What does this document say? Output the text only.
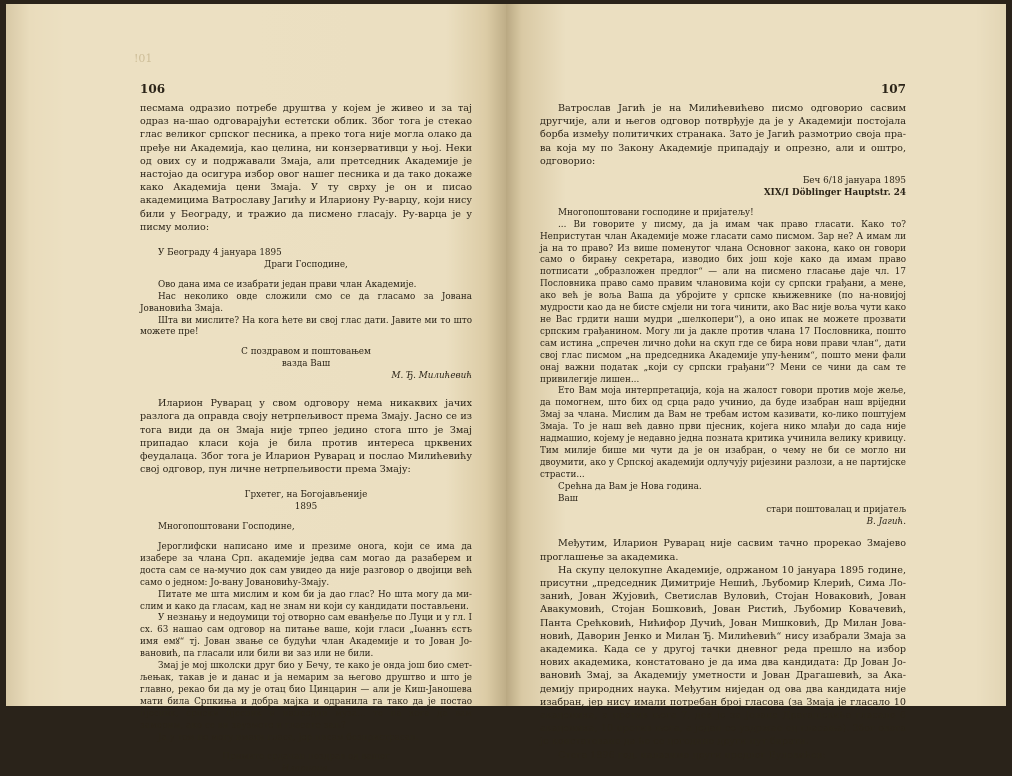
!01
106

песмама одразио потребе друштва у којем је живео и за тај одраз на-шао одговарајући естетски облик. Због тога је стекао глас великог српског песника, а преко тога није могла олако да пређе ни Академија, као целина, ни конзервативци у њој. Неки од ових су и подржавали Змаја, али претседник Академије је настојао да осигура избор овог нашег песника и да тако докаже како Академија цени Змаја. У ту сврху је он и писао академицима Ватрославу Јагићу и Илариону Ру-варцу, који нису били у Београду, и тражио да писмено гласају. Ру-варца је у писму молио:

У Београду 4 јануара 1895

Драги Господине,

Ово дана има се изабрати један прави члан Академије.

Нас неколико овде сложили смо се да гласамо за Јована Јовановића Змаја.

Шта ви мислите? На кога ћете ви свој глас дати. Јавите ми то што можете пре!

С поздравом и поштовањем

вазда Ваш

М. Ђ. Милићевић

Иларион Руварац у свом одговору нема никаквих јачих разлога да оправда своју нетрпељивост према Змају. Јасно се из тога види да он Змаја није трпео једино стога што је Змај припадао класи која је била против интереса црквених феудалаца. Због тога је Иларион Руварац и послао Милићевићу свој одговор, пун личне нетрпељивости према Змају:

Грхетег, на Богојављеније

1895

Многопоштовани Господине,

Јероглифски написано име и презиме онога, који се има да изабере за члана Срп. академије једва сам могао да разаберем и доста сам се на-мучио док сам увидео да није разговор о двојици већ само о једном: Јо-вану Јовановићу-Змају.

Питате ме шта мислим и ком би ја дао глас? Но шта могу да ми-слим и како да гласам, кад не знам ни који су кандидати постављени.

У незнању и недоумици тој отворно сам еванђеље по Луци и у гл. I сх. 63 нашао сам одговор на питање ваше, који гласи „Іωаннъ єстъ имя емꙋ“ тј. Јован звање се будући члан Академије и то Јован Јо-вановић, па гласали или били ви заз или не били.

Змај је мој школски друг био у Бечу, те како је онда још био смет-љењак, такав је и данас и ја немарим за његово друштво и што је главно, рекао би да му је отац био Цинцарин — али је Киш-Јаношева мати била Српкиња и добра мајка и одранила га тако да је постао пјесник, српски пјесник и напредни муза... те на кога да вам замерим, ако се ви заузмете и гласате заљ?

Ја у том не могу имати гласа, јер нисам безпристрасан.

Примите срдачан поздрав од вашег

Илариона.

107

Ватрослав Јагић је на Милићевићево писмо одговорио сасвим другчије, али и његов одговор потврђује да је у Академији постојала борба између политичких странака. Зато је Јагић размотрио своја пра-ва која му по Закону Академије припадају и опрезно, али и оштро, одговорио:

Беч 6/18 јануара 1895

XIX/I Döblinger Hauptstr. 24

Многопоштовани господине и пријатељу!

... Ви говорите у писму, да ја имам чак право гласати. Како то? Непристутан члан Академије може гласати само писмом. Зар не? А имам ли ја на то право? Из више поменутог члана Основног закона, како он говори само о бирању секретара, изводио бих још које како да имам право потписати „образложен предлог“ — али на писмено гласање даје чл. 17 Пословника право само правим члановима који су српски грађани, а мене, ако већ је воља Ваша да убројите у српске књижевнике (по на-новијој мудрости као да не бисте смјели ни тога чинити, ако Вас није воља чути како не Вас грдити наши мудри „шелкопери“), а оно ипак не можете прозвати српским грађанином. Могу ли ја дакле против члана 17 Пословника, пошто сам истина „спречен лично доћи на скуп где се бира нови прави члан“, дати свој глас писмом „на председника Академије упу-ћеним“, пошто мени фали онај важни податак „који су српски грађани“? Мени се чини да сам те привилегије лишен...

Ето Вам моја интерпретација, која на жалост говори против моје жеље, да помогнем, што бих од срца радо учинио, да буде изабран наш врijедни Змај за члана. Мислим да Вам не требам истом казивати, ко-лико поштујем Змаја. То је наш већ давно први пјесник, којега нико млађи до сада није надмашио, којему је недавно једна позната критика учинила велику кривицу. Тим милије бише ми чути да је он изабран, о чему не би се могло ни двоумити, ако у Српској академији одлучују ријезини разлози, а не партијске страсти...

Срећна да Вам је Нова година.

Ваш

стари поштовалац и пријатељ

В. Јагић.

Међутим, Иларион Руварац није сасвим тачно прорекао Змајево проглашење за академика.

На скупу целокупне Академије, одржаном 10 јануара 1895 године, присутни „председник Димитрије Нешић, Љубомир Клерић, Сима Ло-занић, Јован Жујовић, Светислав Вуловић, Стојан Новаковић, Јован Авакумовић, Стојан Бошковић, Јован Ристић, Љубомир Ковачевић, Панта Срећковић, Нићифор Дучић, Јован Мишковић, Др Милан Јова-новић, Даворин Јенко и Милан Ђ. Милићевић“ нису изабрали Змаја за академика. Када се у другој тачки дневног реда прешло на избор нових академика, констатовано је да има два кандидата: Др Јован Јо-вановић Змај, за Академију уметности и Јован Драгашевић, за Ака-демију природних наука. Међутим ниједан од ова два кандидата није изабран, јер нису имали потребан број гласова (за Змаја је гласало 10 академика, а против њега 7, док је за Јована Драгашевића гласало 6 академика, 10 против њега, а један се уздржао од гласања). Због овога је констатовано да ће се догодине други пут бирати.

Стога 1896 год. налазимо други предлог Вуловићев:
